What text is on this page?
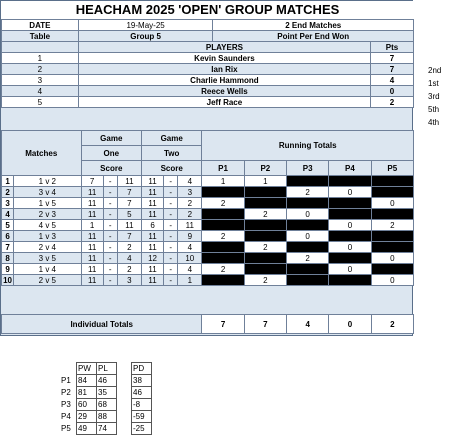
HEACHAM 2025 'OPEN' GROUP MATCHES
DATE	19-May-25	2 End Matches	
Table	Group 5	Point Per End Won	
	PLAYERS		Pts
1	Kevin Saunders		7
2	Ian Rix		7
3	Charlie Hammond		4
4	Reece Wells		0
5	Jeff Race		2
Matches		Game			Game			Running Totals				
		One			Two							
		Score			Score			P1	P2	P3	P4	P5
1	1 v 2	7	-	11	11	-	4	1	1			
2	3 v 4	11	-	7	11	-	3			2	0	
3	1 v 5	11	-	7	11	-	2	2				0
4	2 v 3	11	-	5	11	-	2		2	0		
5	4 v 5	1	-	11	6	-	11				0	2
6	1 v 3	11	-	7	11	-	9	2		0		
7	2 v 4	11	-	2	11	-	4		2		0	
8	3 v 5	11	-	4	12	-	10			2		0
9	1 v 4	11	-	2	11	-	4	2			0	
10	2 v 5	11	-	3	11	-	1		2			0
Individual Totals	7	7	4	0	2
2nd
1st
3rd
5th
4th
	PW	PL		PD
P1	84	46		38
P2	81	35		46
P3	60	68		-8
P4	29	88		-59
P5	49	74		-25
